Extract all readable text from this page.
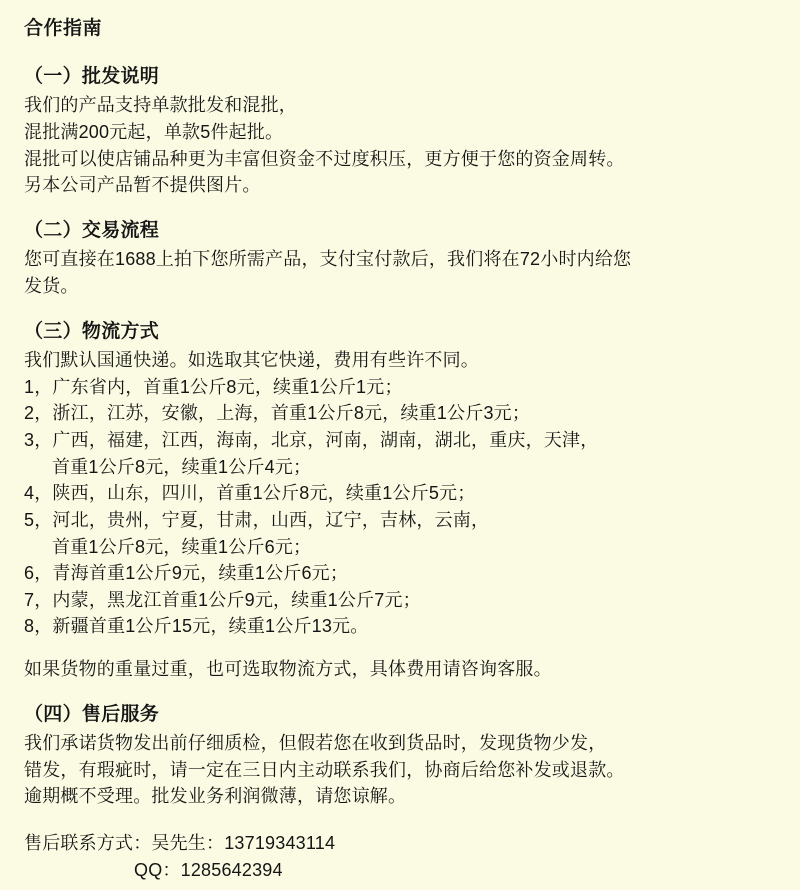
合作指南
（一）批发说明

我们的产品支持单款批发和混批，

混批满200元起，单款5件起批。

混批可以使店铺品种更为丰富但资金不过度积压，更方便于您的资金周转。

另本公司产品暂不提供图片。

（二）交易流程

您可直接在1688上拍下您所需产品，支付宝付款后，我们将在72小时内给您

发货。

（三）物流方式

我们默认国通快递。如选取其它快递，费用有些许不同。

1，广东省内，首重1公斤8元，续重1公斤1元；
2，浙江，江苏，安徽，上海，首重1公斤8元，续重1公斤3元；
3，广西，福建，江西，海南，北京，河南，湖南，湖北，重庆，天津，
首重1公斤8元，续重1公斤4元；
4，陕西，山东，四川，首重1公斤8元，续重1公斤5元；
5，河北，贵州，宁夏，甘肃，山西，辽宁，吉林，云南，
首重1公斤8元，续重1公斤6元；
6，青海首重1公斤9元，续重1公斤6元；
7，内蒙，黑龙江首重1公斤9元，续重1公斤7元；
8，新疆首重1公斤15元，续重1公斤13元。

如果货物的重量过重，也可选取物流方式，具体费用请咨询客服。

（四）售后服务

我们承诺货物发出前仔细质检，但假若您在收到货品时，发现货物少发，

错发，有瑕疵时，请一定在三日内主动联系我们，协商后给您补发或退款。

逾期概不受理。批发业务利润微薄，请您谅解。

售后联系方式：吴先生：13719343114
QQ：1285642394
